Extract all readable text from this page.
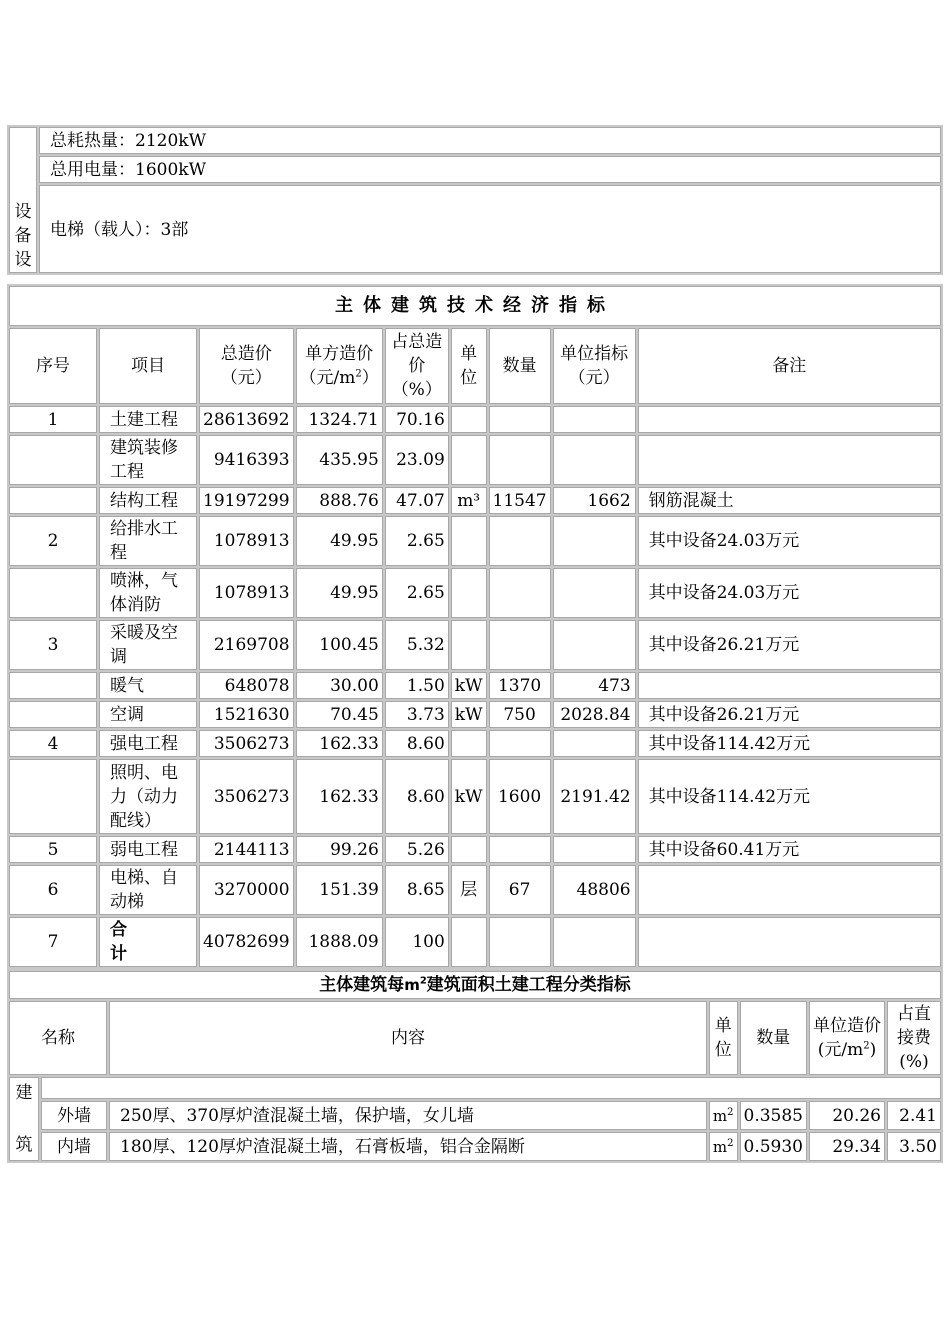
设备设
	总耗热量：2120kW
总用电量：1600kW
电梯（载人）：3部
主体建筑技术经济指标								
序号	项目	总造价（元）	单方造价（元$/m^2$）	占总造价（%）	单位	数量	单位指标（元）	备注
1	土建工程	28613692	1324.71	70.16				
	建筑装修工程	9416393	435.95	23.09				
	结构工程	19197299	888.76	47.07	m³	11547	1662	钢筋混凝土
2	给排水工程	1078913	49.95	2.65				其中设备24.03万元
	喷淋，气体消防	1078913	49.95	2.65				其中设备24.03万元
3	采暖及空调	2169708	100.45	5.32				其中设备26.21万元
	暖气	648078	30.00	1.50	kW	1370	473	
	空调	1521630	70.45	3.73	kW	750	2028.84	其中设备26.21万元
4	强电工程	3506273	162.33	8.60				其中设备114.42万元
	照明、电力（动力配线）	3506273	162.33	8.60	kW	1600	2191.42	其中设备114.42万元
5	弱电工程	2144113	99.26	5.26				其中设备60.41万元
6	电梯、自动梯	3270000	151.39	8.65	层	67	48806	
7	合计	40782699	1888.09	100				
主体建筑每$m^2$建筑面积土建工程分类指标						
名称		内容	单位	数量	单位造价(元$/m^2$)	占直接费(%)

建
筑						

	外墙	250厚、370厚炉渣混凝土墙，保护墙，女儿墙	$m^2$	0.3585	20.26	2.41
	内墙	180厚、120厚炉渣混凝土墙，石膏板墙，铝合金隔断	$m^2$	0.5930	29.34	3.50
